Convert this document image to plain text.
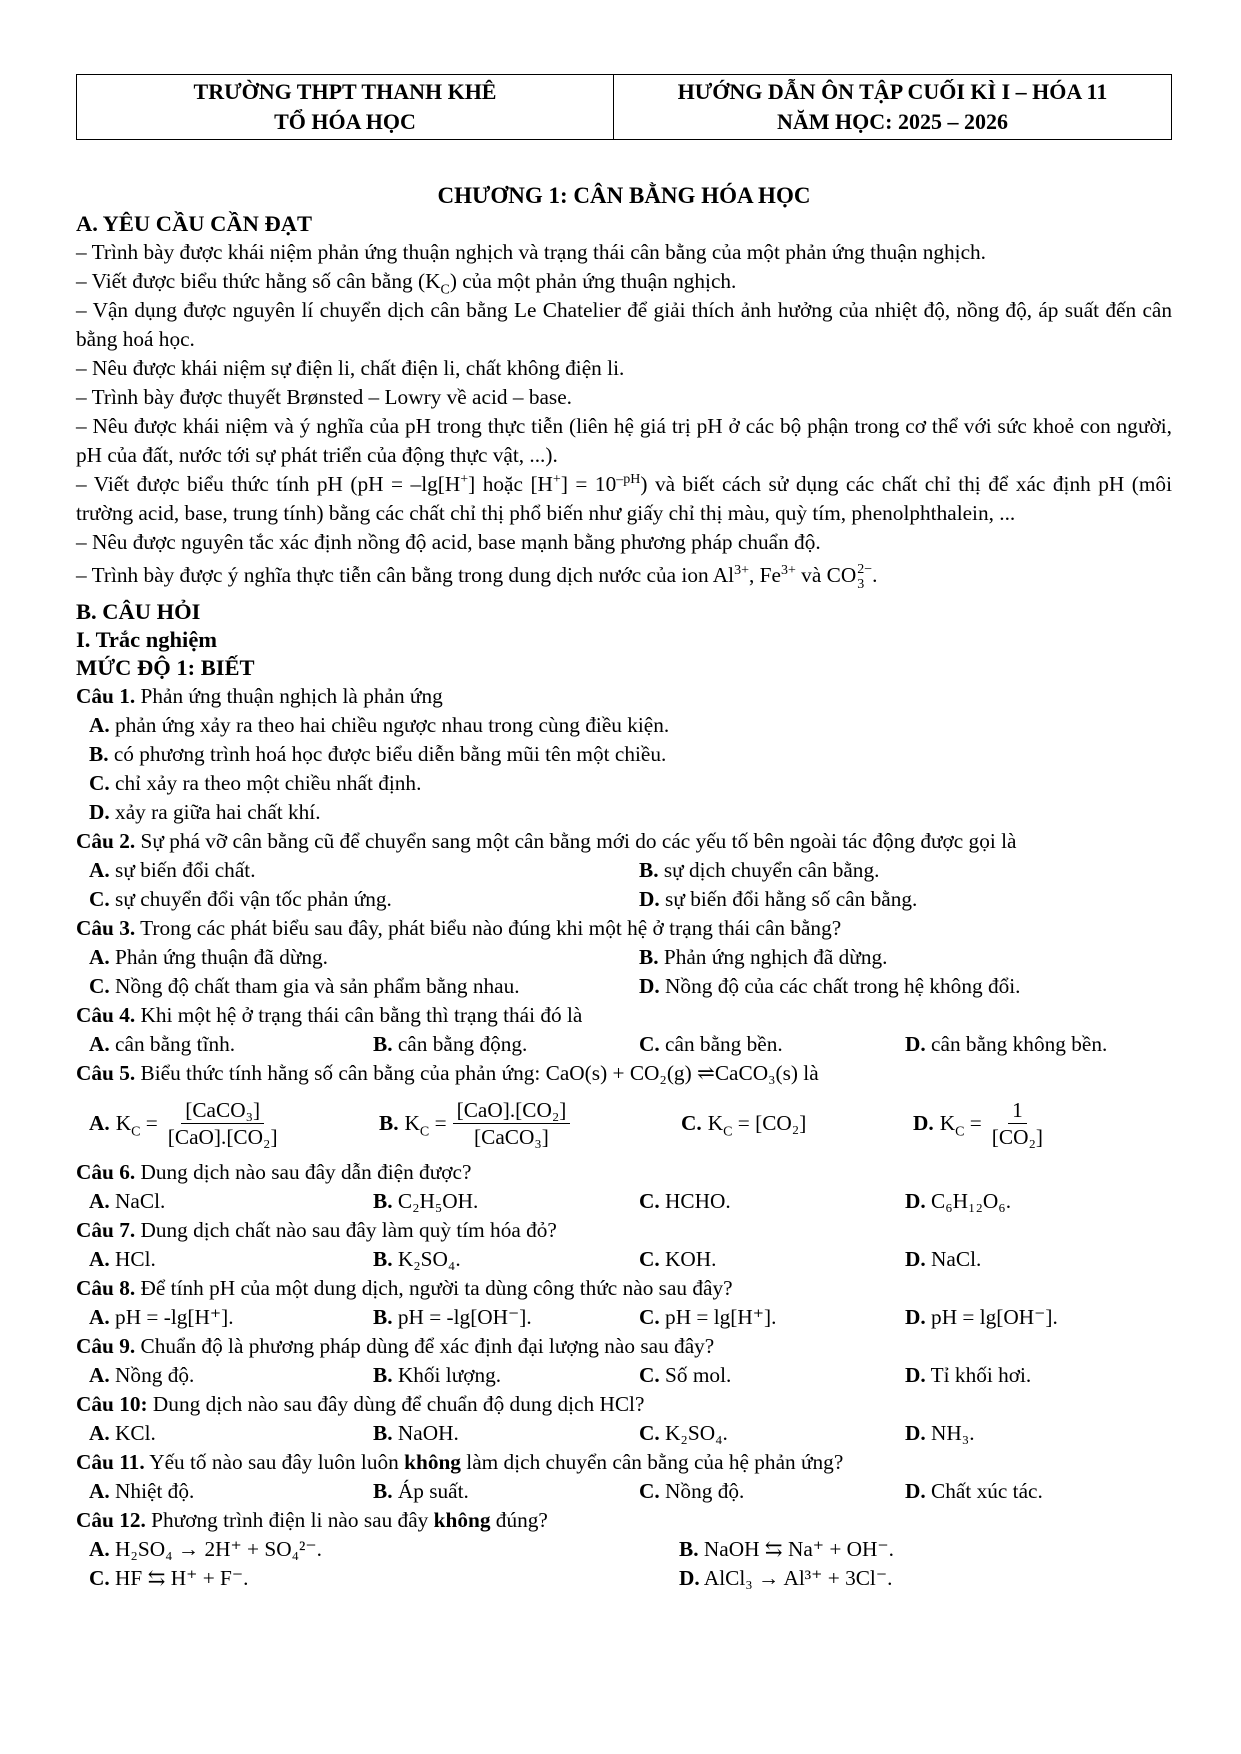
TRƯỜNG THPT THANH KHÊ
TỔ HÓA HỌC
HƯỚNG DẪN ÔN TẬP CUỐI KÌ I – HÓA 11
NĂM HỌC: 2025 – 2026
CHƯƠNG 1: CÂN BẰNG HÓA HỌC
A. YÊU CẦU CẦN ĐẠT

– Trình bày được khái niệm phản ứng thuận nghịch và trạng thái cân bằng của một phản ứng thuận nghịch.

– Viết được biểu thức hằng số cân bằng $(K_C)$ của một phản ứng thuận nghịch.

– Vận dụng được nguyên lí chuyển dịch cân bằng Le Chatelier để giải thích ảnh hưởng của nhiệt độ, nồng độ, áp suất đến cân bằng hoá học.

– Nêu được khái niệm sự điện li, chất điện li, chất không điện li.

– Trình bày được thuyết Brønsted – Lowry về acid – base.

– Nêu được khái niệm và ý nghĩa của pH trong thực tiễn (liên hệ giá trị pH ở các bộ phận trong cơ thể với sức khoẻ con người, pH của đất, nước tới sự phát triển của động thực vật, ...).

– Viết được biểu thức tính pH (pH = –lg[H+] hoặc $[H^+] = 10^{-pH}$) và biết cách sử dụng các chất chỉ thị để xác định pH (môi trường acid, base, trung tính) bằng các chất chỉ thị phổ biến như giấy chỉ thị màu, quỳ tím, phenolphthalein, ...

– Nêu được nguyên tắc xác định nồng độ acid, base mạnh bằng phương pháp chuẩn độ.

– Trình bày được ý nghĩa thực tiễn cân bằng trong dung dịch nước của ion $Al^{3+}$, $Fe^{3+}$ và CO 2−
3 .

B. CÂU HỎI
I. Trắc nghiệm
MỨC ĐỘ 1: BIẾT

Câu 1. Phản ứng thuận nghịch là phản ứng

A. phản ứng xảy ra theo hai chiều ngược nhau trong cùng điều kiện.
B. có phương trình hoá học được biểu diễn bằng mũi tên một chiều.
C. chỉ xảy ra theo một chiều nhất định.
D. xảy ra giữa hai chất khí.

Câu 2. Sự phá vỡ cân bằng cũ để chuyển sang một cân bằng mới do các yếu tố bên ngoài tác động được gọi là

A. sự biến đổi chất.	B. sự dịch chuyển cân bằng.
C. sự chuyển đổi vận tốc phản ứng.	D. sự biến đổi hằng số cân bằng.

Câu 3. Trong các phát biểu sau đây, phát biểu nào đúng khi một hệ ở trạng thái cân bằng?

A. Phản ứng thuận đã dừng.	B. Phản ứng nghịch đã dừng.
C. Nồng độ chất tham gia và sản phẩm bằng nhau.	D. Nồng độ của các chất trong hệ không đổi.

Câu 4. Khi một hệ ở trạng thái cân bằng thì trạng thái đó là

A. cân bằng tĩnh.	B. cân bằng động.	C. cân bằng bền.	D. cân bằng không bền.

Câu 5. Biểu thức tính hằng số cân bằng của phản ứng: CaO(s) + CO₂(g) ⇌CaCO₃(s) là

A. $K_C = \frac{\text{[CaCO₃]}}{\text{[CaO].[CO₂]}}$	B. $K_C = \frac{\text{[CaO].[CO₂]}}{\text{[CaCO₃]}}$	C. $K_C = [CO_2]$	D. $K_C = \frac{1}{\text{[CO₂]}}$

Câu 6. Dung dịch nào sau đây dẫn điện được?

A. NaCl.	B. C₂H₅OH.	C. HCHO.	D. C₆H₁₂O₆.

Câu 7. Dung dịch chất nào sau đây làm quỳ tím hóa đỏ?

A. HCl.	B. K₂SO₄.	C. KOH.	D. NaCl.

Câu 8. Để tính pH của một dung dịch, người ta dùng công thức nào sau đây?

A. pH = -lg[H⁺].	B. pH = -lg[OH⁻].	C. pH = lg[H⁺].	D. pH = lg[OH⁻].

Câu 9. Chuẩn độ là phương pháp dùng để xác định đại lượng nào sau đây?

A. Nồng độ.	B. Khối lượng.	C. Số mol.	D. Tỉ khối hơi.

Câu 10: Dung dịch nào sau đây dùng để chuẩn độ dung dịch HCl?

A. KCl.	B. NaOH.	C. K₂SO₄.	D. NH₃.

Câu 11. Yếu tố nào sau đây luôn luôn không làm dịch chuyển cân bằng của hệ phản ứng?

A. Nhiệt độ.	B. Áp suất.	C. Nồng độ.	D. Chất xúc tác.

Câu 12. Phương trình điện li nào sau đây không đúng?

A. H₂SO₄ → 2H⁺ + SO₄²⁻.	B. NaOH ⇆ Na⁺ + OH⁻.
C. HF ⇆ H⁺ + F⁻.	D. AlCl₃ → Al³⁺ + 3Cl⁻.
